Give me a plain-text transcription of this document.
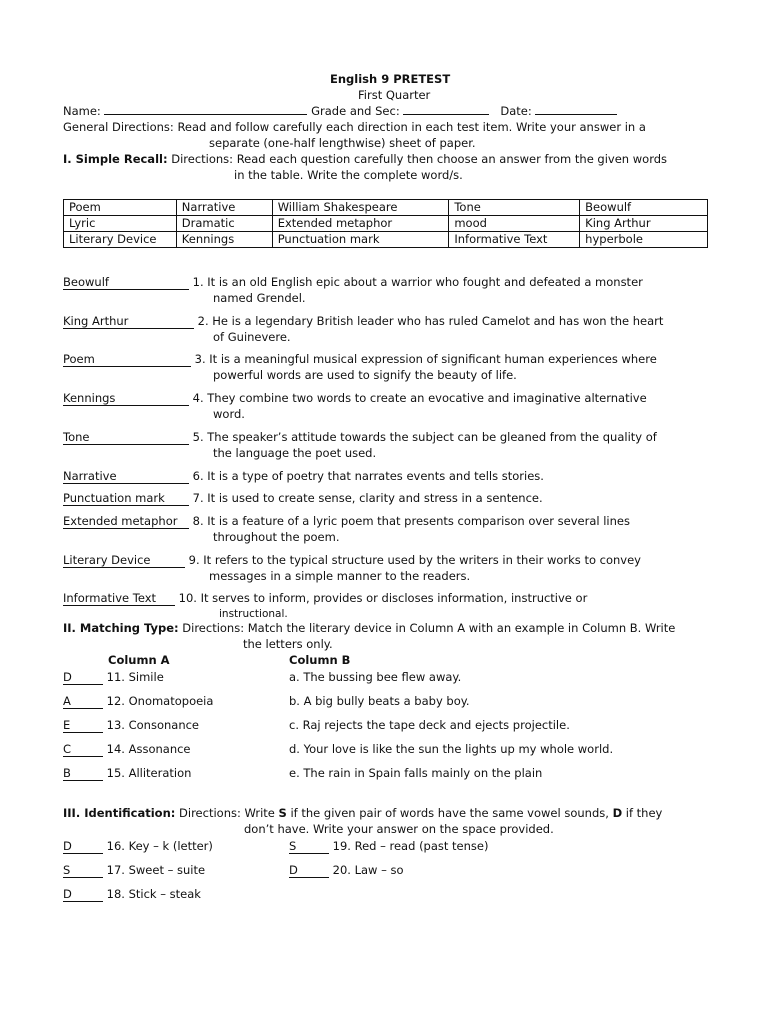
English 9 PRETEST
First Quarter
Name:	Grade and Sec:	Date:
General Directions: Read and follow carefully each direction in each test item. Write your answer in a
separate (one-half lengthwise) sheet of paper.
I. Simple Recall: Directions: Read each question carefully then choose an answer from the given words
in the table. Write the complete word/s.
Poem	Narrative	William Shakespeare	Tone	Beowulf
Lyric	Dramatic	Extended metaphor	mood	King Arthur
Literary Device	Kennings	Punctuation mark	Informative Text	hyperbole
Beowulf	1. It is an old English epic about a warrior who fought and defeated a monster
named Grendel.
King Arthur	2. He is a legendary British leader who has ruled Camelot and has won the heart
of Guinevere.
Poem	3. It is a meaningful musical expression of significant human experiences where
powerful words are used to signify the beauty of life.
Kennings	4. They combine two words to create an evocative and imaginative alternative
word.
Tone	5. The speaker’s attitude towards the subject can be gleaned from the quality of
the language the poet used.
Narrative	6. It is a type of poetry that narrates events and tells stories.
Punctuation mark 7. It is used to create sense, clarity and stress in a sentence.
Extended metaphor 8. It is a feature of a lyric poem that presents comparison over several lines
throughout the poem.
Literary Device	9. It refers to the typical structure used by the writers in their works to convey
messages in a simple manner to the readers.
Informative Text 10. It serves to inform, provides or discloses information, instructive or
instructional.
II. Matching Type: Directions: Match the literary device in Column A with an example in Column B. Write
the letters only.
Column A	Column B
D	11. Simile	a. The bussing bee flew away.
A	12. Onomatopoeia	b. A big bully beats a baby boy.
E	13. Consonance	c. Raj rejects the tape deck and ejects projectile.
C	14. Assonance	d. Your love is like the sun the lights up my whole world.
B	15. Alliteration	e. The rain in Spain falls mainly on the plain
III. Identification: Directions: Write S if the given pair of words have the same vowel sounds, D if they
don’t have. Write your answer on the space provided.
D	16. Key – k (letter)
S	17. Sweet – suite
D	18. Stick – steak
S	19. Red – read (past tense)
D	20. Law – so
